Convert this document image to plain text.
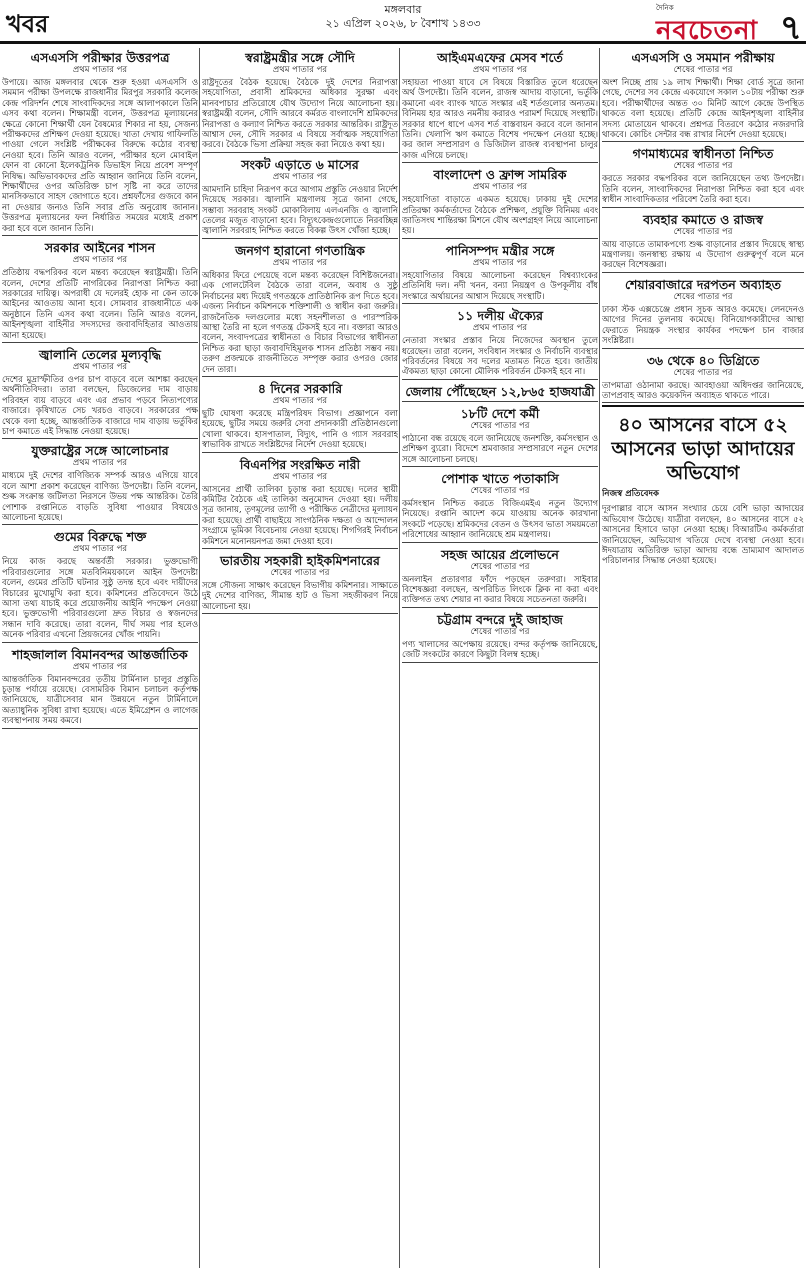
খবর	মঙ্গলবার
২১ এপ্রিল ২০২৬, ৮ বৈশাখ ১৪৩৩
দৈনিক
নবচেতনা ৭
এসএসসি পরীক্ষার উত্তরপত্র
প্রথম পাতার পর
উপায়ে। আজ মঙ্গলবার থেকে শুরু হওয়া এসএসসি ও সমমান পরীক্ষা উপলক্ষে রাজধানীর মিরপুর সরকারি কলেজ কেন্দ্র পরিদর্শন শেষে সাংবাদিকদের সঙ্গে আলাপকালে তিনি এসব কথা বলেন। শিক্ষামন্ত্রী বলেন, উত্তরপত্র মূল্যায়নের ক্ষেত্রে কোনো শিক্ষার্থী যেন বৈষম্যের শিকার না হয়, সেজন্য পরীক্ষকদের প্রশিক্ষণ দেওয়া হয়েছে। খাতা দেখায় গাফিলতি পাওয়া গেলে সংশ্লিষ্ট পরীক্ষকের বিরুদ্ধে কঠোর ব্যবস্থা নেওয়া হবে। তিনি আরও বলেন, পরীক্ষার হলে মোবাইল ফোন বা কোনো ইলেকট্রনিক ডিভাইস নিয়ে প্রবেশ সম্পূর্ণ নিষিদ্ধ। অভিভাবকদের প্রতি আহ্বান জানিয়ে তিনি বলেন, শিক্ষার্থীদের ওপর অতিরিক্ত চাপ সৃষ্টি না করে তাদের মানসিকভাবে সাহস জোগাতে হবে। প্রশ্নফাঁসের গুজবে কান না দেওয়ার জন্যও তিনি সবার প্রতি অনুরোধ জানান। উত্তরপত্র মূল্যায়নের ফল নির্ধারিত সময়ের মধ্যেই প্রকাশ করা হবে বলে জানান তিনি।
সরকার আইনের শাসন
প্রথম পাতার পর
প্রতিষ্ঠায় বদ্ধপরিকর বলে মন্তব্য করেছেন স্বরাষ্ট্রমন্ত্রী। তিনি বলেন, দেশের প্রতিটি নাগরিকের নিরাপত্তা নিশ্চিত করা সরকারের দায়িত্ব। অপরাধী যে দলেরই হোক না কেন তাকে আইনের আওতায় আনা হবে। সোমবার রাজধানীতে এক অনুষ্ঠানে তিনি এসব কথা বলেন। তিনি আরও বলেন, আইনশৃঙ্খলা বাহিনীর সদস্যদের জবাবদিহিতার আওতায় আনা হয়েছে।
জ্বালানি তেলের মূল্যবৃদ্ধি
প্রথম পাতার পর
দেশের মুদ্রাস্ফীতির ওপর চাপ বাড়বে বলে আশঙ্কা করছেন অর্থনীতিবিদরা। তারা বলছেন, ডিজেলের দাম বাড়ায় পরিবহন ব্যয় বাড়বে এবং এর প্রভাব পড়বে নিত্যপণ্যের বাজারে। কৃষিখাতে সেচ খরচও বাড়বে। সরকারের পক্ষ থেকে বলা হচ্ছে, আন্তর্জাতিক বাজারে দাম বাড়ায় ভর্তুকির চাপ কমাতে এই সিদ্ধান্ত নেওয়া হয়েছে।
যুক্তরাষ্ট্রের সঙ্গে আলোচনার
প্রথম পাতার পর
মাধ্যমে দুই দেশের বাণিজ্যিক সম্পর্ক আরও এগিয়ে যাবে বলে আশা প্রকাশ করেছেন বাণিজ্য উপদেষ্টা। তিনি বলেন, শুল্ক সংক্রান্ত জটিলতা নিরসনে উভয় পক্ষ আন্তরিক। তৈরি পোশাক রপ্তানিতে বাড়তি সুবিধা পাওয়ার বিষয়েও আলোচনা হয়েছে।
গুমের বিরুদ্ধে শক্ত
প্রথম পাতার পর
নিয়ে কাজ করছে অন্তর্বর্তী সরকার। ভুক্তভোগী পরিবারগুলোর সঙ্গে মতবিনিময়কালে আইন উপদেষ্টা বলেন, গুমের প্রতিটি ঘটনার সুষ্ঠু তদন্ত হবে এবং দায়ীদের বিচারের মুখোমুখি করা হবে। কমিশনের প্রতিবেদনে উঠে আসা তথ্য যাচাই করে প্রয়োজনীয় আইনি পদক্ষেপ নেওয়া হবে। ভুক্তভোগী পরিবারগুলো দ্রুত বিচার ও স্বজনদের সন্ধান দাবি করেছে। তারা বলেন, দীর্ঘ সময় পার হলেও অনেক পরিবার এখনো প্রিয়জনের খোঁজ পায়নি।
শাহজালাল বিমানবন্দর আন্তর্জাতিক
প্রথম পাতার পর
আন্তর্জাতিক বিমানবন্দরের তৃতীয় টার্মিনাল চালুর প্রস্তুতি চূড়ান্ত পর্যায়ে রয়েছে। বেসামরিক বিমান চলাচল কর্তৃপক্ষ জানিয়েছে, যাত্রীসেবার মান উন্নয়নে নতুন টার্মিনালে অত্যাধুনিক সুবিধা রাখা হয়েছে। এতে ইমিগ্রেশন ও লাগেজ ব্যবস্থাপনায় সময় কমবে।
স্বরাষ্ট্রমন্ত্রীর সঙ্গে সৌদি
প্রথম পাতার পর
রাষ্ট্রদূতের বৈঠক হয়েছে। বৈঠকে দুই দেশের নিরাপত্তা সহযোগিতা, প্রবাসী শ্রমিকদের অধিকার সুরক্ষা এবং মানবপাচার প্রতিরোধে যৌথ উদ্যোগ নিয়ে আলোচনা হয়। স্বরাষ্ট্রমন্ত্রী বলেন, সৌদি আরবে কর্মরত বাংলাদেশি শ্রমিকদের নিরাপত্তা ও কল্যাণ নিশ্চিত করতে সরকার আন্তরিক। রাষ্ট্রদূত আশ্বাস দেন, সৌদি সরকার এ বিষয়ে সর্বাত্মক সহযোগিতা করবে। বৈঠকে ভিসা প্রক্রিয়া সহজ করা নিয়েও কথা হয়।
সংকট এড়াতে ৬ মাসের
প্রথম পাতার পর
আমদানি চাহিদা নিরূপণ করে আগাম প্রস্তুতি নেওয়ার নির্দেশ দিয়েছে সরকার। জ্বালানি মন্ত্রণালয় সূত্রে জানা গেছে, সম্ভাব্য সরবরাহ সংকট মোকাবিলায় এলএনজি ও জ্বালানি তেলের মজুত বাড়ানো হবে। বিদ্যুৎকেন্দ্রগুলোতে নিরবচ্ছিন্ন জ্বালানি সরবরাহ নিশ্চিত করতে বিকল্প উৎস খোঁজা হচ্ছে।
জনগণ হারানো গণতান্ত্রিক
প্রথম পাতার পর
অধিকার ফিরে পেয়েছে বলে মন্তব্য করেছেন বিশিষ্টজনেরা। এক গোলটেবিল বৈঠকে তারা বলেন, অবাধ ও সুষ্ঠু নির্বাচনের মধ্য দিয়েই গণতন্ত্রকে প্রাতিষ্ঠানিক রূপ দিতে হবে। এজন্য নির্বাচন কমিশনকে শক্তিশালী ও স্বাধীন করা জরুরি। রাজনৈতিক দলগুলোর মধ্যে সহনশীলতা ও পারস্পরিক আস্থা তৈরি না হলে গণতন্ত্র টেকসই হবে না। বক্তারা আরও বলেন, সংবাদপত্রের স্বাধীনতা ও বিচার বিভাগের স্বাধীনতা নিশ্চিত করা ছাড়া জবাবদিহিমূলক শাসন প্রতিষ্ঠা সম্ভব নয়। তরুণ প্রজন্মকে রাজনীতিতে সম্পৃক্ত করার ওপরও জোর দেন তারা।
৪ দিনের সরকারি
প্রথম পাতার পর
ছুটি ঘোষণা করেছে মন্ত্রিপরিষদ বিভাগ। প্রজ্ঞাপনে বলা হয়েছে, ছুটির সময়ে জরুরি সেবা প্রদানকারী প্রতিষ্ঠানগুলো খোলা থাকবে। হাসপাতাল, বিদ্যুৎ, পানি ও গ্যাস সরবরাহ স্বাভাবিক রাখতে সংশ্লিষ্টদের নির্দেশ দেওয়া হয়েছে।
বিএনপির সংরক্ষিত নারী
প্রথম পাতার পর
আসনের প্রার্থী তালিকা চূড়ান্ত করা হয়েছে। দলের স্থায়ী কমিটির বৈঠকে এই তালিকা অনুমোদন দেওয়া হয়। দলীয় সূত্র জানায়, তৃণমূলের ত্যাগী ও পরীক্ষিত নেত্রীদের মূল্যায়ন করা হয়েছে। প্রার্থী বাছাইয়ে সাংগঠনিক দক্ষতা ও আন্দোলন সংগ্রামে ভূমিকা বিবেচনায় নেওয়া হয়েছে। শিগগিরই নির্বাচন কমিশনে মনোনয়নপত্র জমা দেওয়া হবে।
ভারতীয় সহকারী হাইকমিশনারের
শেষের পাতার পর
সঙ্গে সৌজন্য সাক্ষাৎ করেছেন বিভাগীয় কমিশনার। সাক্ষাতে দুই দেশের বাণিজ্য, সীমান্ত হাট ও ভিসা সহজীকরণ নিয়ে আলোচনা হয়।
আইএমএফের মেসব শর্তে
প্রথম পাতার পর
সহায়তা পাওয়া যাবে সে বিষয়ে বিস্তারিত তুলে ধরেছেন অর্থ উপদেষ্টা। তিনি বলেন, রাজস্ব আদায় বাড়ানো, ভর্তুকি কমানো এবং ব্যাংক খাতে সংস্কার এই শর্তগুলোর অন্যতম। বিনিময় হার আরও নমনীয় করারও পরামর্শ দিয়েছে সংস্থাটি। সরকার ধাপে ধাপে এসব শর্ত বাস্তবায়ন করবে বলে জানান তিনি। খেলাপি ঋণ কমাতে বিশেষ পদক্ষেপ নেওয়া হচ্ছে। কর জাল সম্প্রসারণ ও ডিজিটাল রাজস্ব ব্যবস্থাপনা চালুর কাজ এগিয়ে চলছে।
বাংলাদেশ ও ফ্রান্স সামরিক
প্রথম পাতার পর
সহযোগিতা বাড়াতে একমত হয়েছে। ঢাকায় দুই দেশের প্রতিরক্ষা কর্মকর্তাদের বৈঠকে প্রশিক্ষণ, প্রযুক্তি বিনিময় এবং জাতিসংঘ শান্তিরক্ষা মিশনে যৌথ অংশগ্রহণ নিয়ে আলোচনা হয়।
পানিসম্পদ মন্ত্রীর সঙ্গে
প্রথম পাতার পর
সহযোগিতার বিষয়ে আলোচনা করেছেন বিশ্বব্যাংকের প্রতিনিধি দল। নদী খনন, বন্যা নিয়ন্ত্রণ ও উপকূলীয় বাঁধ সংস্কারে অর্থায়নের আশ্বাস দিয়েছে সংস্থাটি।
১১ দলীয় ঐক্যের
প্রথম পাতার পর
নেতারা সংস্কার প্রস্তাব নিয়ে নিজেদের অবস্থান তুলে ধরেছেন। তারা বলেন, সংবিধান সংস্কার ও নির্বাচনি ব্যবস্থার পরিবর্তনের বিষয়ে সব দলের মতামত নিতে হবে। জাতীয় ঐকমত্য ছাড়া কোনো মৌলিক পরিবর্তন টেকসই হবে না।
জেলায় পৌঁছেছেন ১২,৮৬৫ হাজযাত্রী
১৮টি দেশে কর্মী
শেষের পাতার পর
পাঠানো বন্ধ রয়েছে বলে জানিয়েছে জনশক্তি, কর্মসংস্থান ও প্রশিক্ষণ ব্যুরো। বিদেশে শ্রমবাজার সম্প্রসারণে নতুন দেশের সঙ্গে আলোচনা চলছে।
পোশাক খাতে পতাকাসি
শেষের পাতার পর
কর্মসংস্থান নিশ্চিত করতে বিজিএমইএ নতুন উদ্যোগ নিয়েছে। রপ্তানি আদেশ কমে যাওয়ায় অনেক কারখানা সংকটে পড়েছে। শ্রমিকদের বেতন ও উৎসব ভাতা সময়মতো পরিশোধের আহ্বান জানিয়েছে শ্রম মন্ত্রণালয়।
সহজ আয়ের প্রলোভনে
শেষের পাতার পর
অনলাইন প্রতারণার ফাঁদে পড়ছেন তরুণরা। সাইবার বিশেষজ্ঞরা বলছেন, অপরিচিত লিংকে ক্লিক না করা এবং ব্যক্তিগত তথ্য শেয়ার না করার বিষয়ে সচেতনতা জরুরি।
চট্টগ্রাম বন্দরে দুই জাহাজ
শেষের পাতার পর
পণ্য খালাসের অপেক্ষায় রয়েছে। বন্দর কর্তৃপক্ষ জানিয়েছে, জেটি সংকটের কারণে কিছুটা বিলম্ব হচ্ছে।
এসএসসি ও সমমান পরীক্ষায়
শেষের পাতার পর
অংশ নিচ্ছে প্রায় ১৯ লাখ শিক্ষার্থী। শিক্ষা বোর্ড সূত্রে জানা গেছে, দেশের সব কেন্দ্রে একযোগে সকাল ১০টায় পরীক্ষা শুরু হবে। পরীক্ষার্থীদের অন্তত ৩০ মিনিট আগে কেন্দ্রে উপস্থিত থাকতে বলা হয়েছে। প্রতিটি কেন্দ্রে আইনশৃঙ্খলা বাহিনীর সদস্য মোতায়েন থাকবে। প্রশ্নপত্র বিতরণে কঠোর নজরদারি থাকবে। কোচিং সেন্টার বন্ধ রাখার নির্দেশ দেওয়া হয়েছে।
গণমাধ্যমের স্বাধীনতা নিশ্চিত
শেষের পাতার পর
করতে সরকার বদ্ধপরিকর বলে জানিয়েছেন তথ্য উপদেষ্টা। তিনি বলেন, সাংবাদিকদের নিরাপত্তা নিশ্চিত করা হবে এবং স্বাধীন সাংবাদিকতার পরিবেশ তৈরি করা হবে।
ব্যবহার কমাতে ও রাজস্ব
শেষের পাতার পর
আয় বাড়াতে তামাকপণ্যে শুল্ক বাড়ানোর প্রস্তাব দিয়েছে স্বাস্থ্য মন্ত্রণালয়। জনস্বাস্থ্য রক্ষায় এ উদ্যোগ গুরুত্বপূর্ণ বলে মনে করছেন বিশেষজ্ঞরা।
শেয়ারবাজারে দরপতন অব্যাহত
শেষের পাতার পর
ঢাকা স্টক এক্সচেঞ্জে প্রধান সূচক আরও কমেছে। লেনদেনও আগের দিনের তুলনায় কমেছে। বিনিয়োগকারীদের আস্থা ফেরাতে নিয়ন্ত্রক সংস্থার কার্যকর পদক্ষেপ চান বাজার সংশ্লিষ্টরা।
৩৬ থেকে ৪০ ডিগ্রিতে
শেষের পাতার পর
তাপমাত্রা ওঠানামা করছে। আবহাওয়া অধিদপ্তর জানিয়েছে, তাপপ্রবাহ আরও কয়েকদিন অব্যাহত থাকতে পারে।
৪০ আসনের বাসে ৫২ আসনের ভাড়া আদায়ের অভিযোগ
নিজস্ব প্রতিবেদক
দূরপাল্লার বাসে আসন সংখ্যার চেয়ে বেশি ভাড়া আদায়ের অভিযোগ উঠেছে। যাত্রীরা বলছেন, ৪০ আসনের বাসে ৫২ আসনের হিসাবে ভাড়া নেওয়া হচ্ছে। বিআরটিএ কর্মকর্তারা জানিয়েছেন, অভিযোগ খতিয়ে দেখে ব্যবস্থা নেওয়া হবে। ঈদযাত্রায় অতিরিক্ত ভাড়া আদায় বন্ধে ভ্রাম্যমাণ আদালত পরিচালনার সিদ্ধান্ত নেওয়া হয়েছে।
